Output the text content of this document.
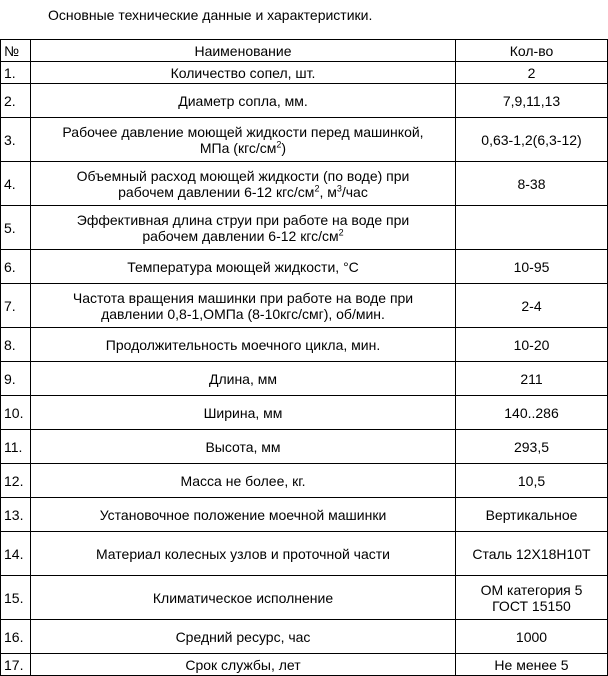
Основные технические данные и характеристики.
№	Наименование	Кол-во
1.	Количество сопел, шт.	2
2.	Диаметр сопла, мм.	7,9,11,13
3.	Рабочее давление моющей жидкости перед машинкой,
МПа $(кгс/см^2)$	0,63-1,2(6,3-12)
4.	Объемный расход моющей жидкости (по воде) при
рабочем давлении 6-12 кгс/$см^2$, $м^3$/час	8-38
5.	Эффективная длина струи при работе на воде при
рабочем давлении 6-12 кгс/$см^2$	
6.	Температура моющей жидкости, °С	10-95
7.	Частота вращения машинки при работе на воде при
давлении 0,8-1,ОМПа (8-10кгс/смг), об/мин.	2-4
8.	Продолжительность моечного цикла, мин.	10-20
9.	Длина, мм	211
10.	Ширина, мм	140..286
11.	Высота, мм	293,5
12.	Масса не более, кг.	10,5
13.	Установочное положение моечной машинки	Вертикальное
14.	Материал колесных узлов и проточной части	Сталь 12Х18Н10Т
15.	Климатическое исполнение	ОМ категория 5
ГОСТ 15150
16.	Средний ресурс, час	1000
17.	Срок службы, лет	Не менее 5
